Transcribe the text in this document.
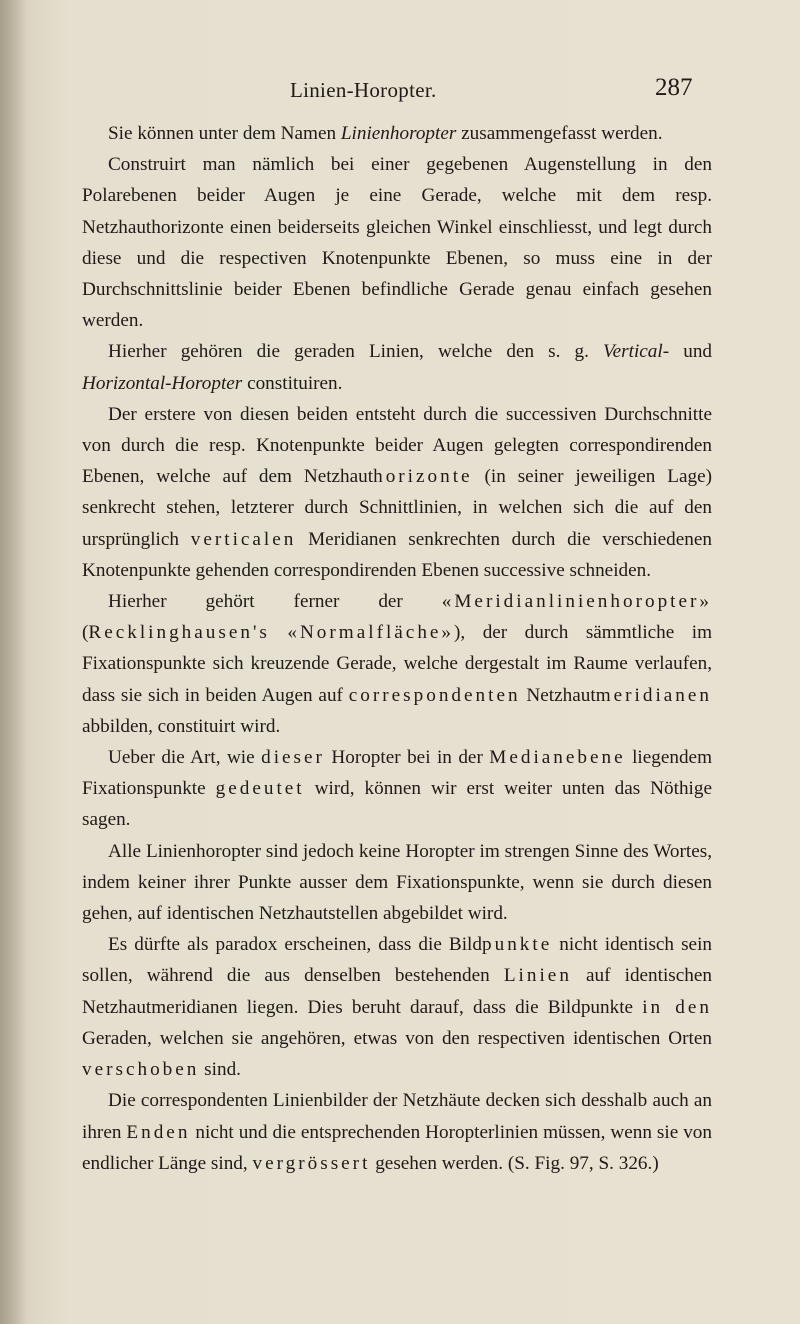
Linien-Horopter.	287

Sie können unter dem Namen Linienhoropter zusammengefasst werden.

Construirt man nämlich bei einer gegebenen Augenstellung in den Polarebenen beider Augen je eine Gerade, welche mit dem resp. Netzhauthorizonte einen beiderseits gleichen Winkel einschliesst, und legt durch diese und die respectiven Knotenpunkte Ebenen, so muss eine in der Durchschnittslinie beider Ebenen befindliche Gerade genau einfach gesehen werden.

Hierher gehören die geraden Linien, welche den s. g. Vertical- und Horizontal-Horopter constituiren.

Der erstere von diesen beiden entsteht durch die successiven Durchschnitte von durch die resp. Knotenpunkte beider Augen gelegten correspondirenden Ebenen, welche auf dem Netzhauthorizonte (in seiner jeweiligen Lage) senkrecht stehen, letzterer durch Schnittlinien, in welchen sich die auf den ursprünglich verticalen Meridianen senkrechten durch die verschiedenen Knotenpunkte gehenden correspondirenden Ebenen successive schneiden.

Hierher gehört ferner der «Meridianlinienhoropter» (Recklinghausen's «Normalfläche»), der durch sämmtliche im Fixationspunkte sich kreuzende Gerade, welche dergestalt im Raume verlaufen, dass sie sich in beiden Augen auf correspondenten Netzhautmeridianen abbilden, constituirt wird.

Ueber die Art, wie dieser Horopter bei in der Medianebene liegendem Fixationspunkte gedeutet wird, können wir erst weiter unten das Nöthige sagen.

Alle Linienhoropter sind jedoch keine Horopter im strengen Sinne des Wortes, indem keiner ihrer Punkte ausser dem Fixationspunkte, wenn sie durch diesen gehen, auf identischen Netzhautstellen abgebildet wird.

Es dürfte als paradox erscheinen, dass die Bildpunkte nicht identisch sein sollen, während die aus denselben bestehenden Linien auf identischen Netzhautmeridianen liegen. Dies beruht darauf, dass die Bildpunkte in den Geraden, welchen sie angehören, etwas von den respectiven identischen Orten verschoben sind.

Die correspondenten Linienbilder der Netzhäute decken sich desshalb auch an ihren Enden nicht und die entsprechenden Horopterlinien müssen, wenn sie von endlicher Länge sind, vergrössert gesehen werden. (S. Fig. 97, S. 326.)
